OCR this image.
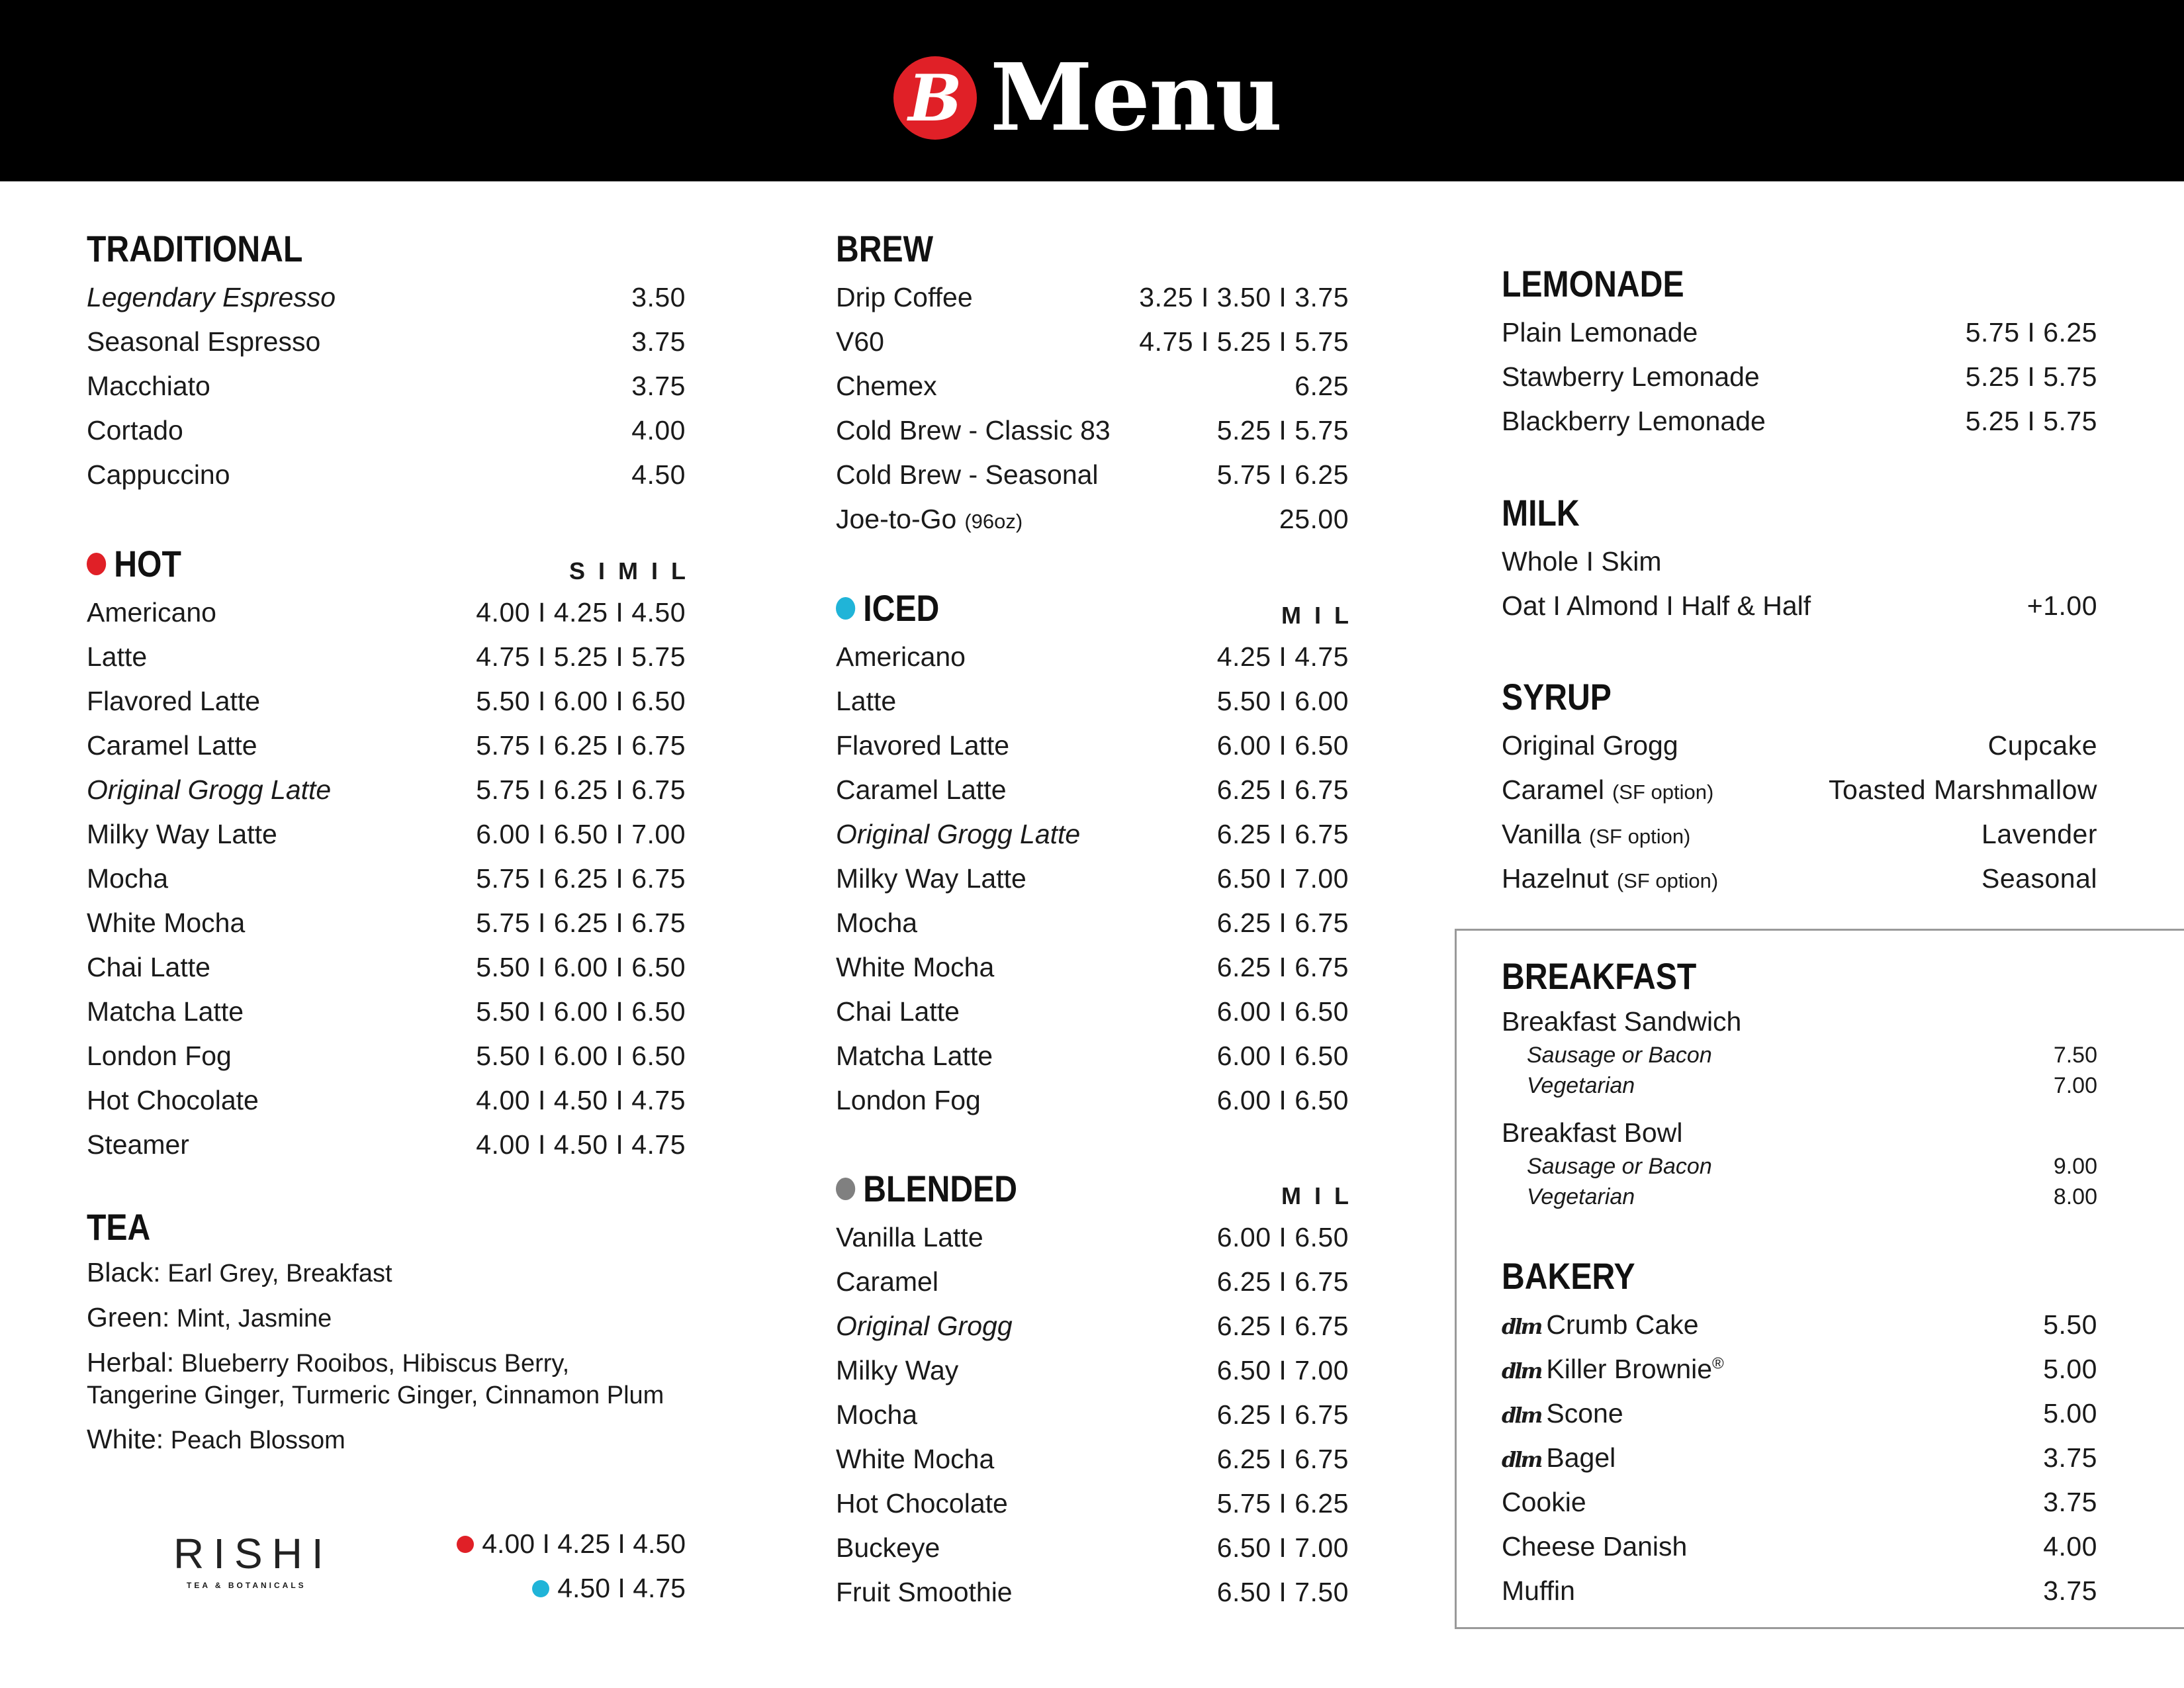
B Menu
TRADITIONAL
Legendary Espresso	3.50
Seasonal Espresso	3.75
Macchiato	3.75
Cortado	4.00
Cappuccino	4.50
HOT	S  I  M  I  L
Americano	4.00 I 4.25 I 4.50
Latte	4.75 I 5.25 I 5.75
Flavored Latte	5.50 I 6.00 I 6.50
Caramel Latte	5.75 I 6.25 I 6.75
Original Grogg Latte	5.75 I 6.25 I 6.75
Milky Way Latte	6.00 I 6.50 I 7.00
Mocha	5.75 I 6.25 I 6.75
White Mocha	5.75 I 6.25 I 6.75
Chai Latte	5.50 I 6.00 I 6.50
Matcha Latte	5.50 I 6.00 I 6.50
London Fog	5.50 I 6.00 I 6.50
Hot Chocolate	4.00 I 4.50 I 4.75
Steamer	4.00 I 4.50 I 4.75
TEA
Black: Earl Grey, Breakfast
Green: Mint, Jasmine
Herbal: Blueberry Rooibos, Hibiscus Berry, Tangerine Ginger, Turmeric Ginger, Cinnamon Plum
White: Peach Blossom
RISHI
TEA & BOTANICALS
4.00 I 4.25 I 4.50
4.50 I 4.75
BREW
Drip Coffee	3.25 I 3.50 I 3.75
V60	4.75 I 5.25 I 5.75
Chemex	6.25
Cold Brew - Classic 83	5.25 I 5.75
Cold Brew - Seasonal	5.75 I 6.25
Joe-to-Go (96oz)	25.00
ICED	M  I  L
Americano	4.25 I 4.75
Latte	5.50 I 6.00
Flavored Latte	6.00 I 6.50
Caramel Latte	6.25 I 6.75
Original Grogg Latte	6.25 I 6.75
Milky Way Latte	6.50 I 7.00
Mocha	6.25 I 6.75
White Mocha	6.25 I 6.75
Chai Latte	6.00 I 6.50
Matcha Latte	6.00 I 6.50
London Fog	6.00 I 6.50
BLENDED	M  I  L
Vanilla Latte	6.00 I 6.50
Caramel	6.25 I 6.75
Original Grogg	6.25 I 6.75
Milky Way	6.50 I 7.00
Mocha	6.25 I 6.75
White Mocha	6.25 I 6.75
Hot Chocolate	5.75 I 6.25
Buckeye	6.50 I 7.00
Fruit Smoothie	6.50 I 7.50
LEMONADE
Plain Lemonade	5.75 I 6.25
Stawberry Lemonade	5.25 I 5.75
Blackberry Lemonade	5.25 I 5.75
MILK
Whole I Skim
Oat I Almond I Half & Half	+1.00
SYRUP
Original Grogg	Cupcake
Caramel (SF option)	Toasted Marshmallow
Vanilla (SF option)	Lavender
Hazelnut (SF option)	Seasonal
BREAKFAST
Breakfast Sandwich
Sausage or Bacon	7.50
Vegetarian	7.00
Breakfast Bowl
Sausage or Bacon	9.00
Vegetarian	8.00
BAKERY
dlm Crumb Cake	5.50
dlm Killer Brownie®	5.00
dlm Scone	5.00
dlm Bagel	3.75
Cookie	3.75
Cheese Danish	4.00
Muffin	3.75
